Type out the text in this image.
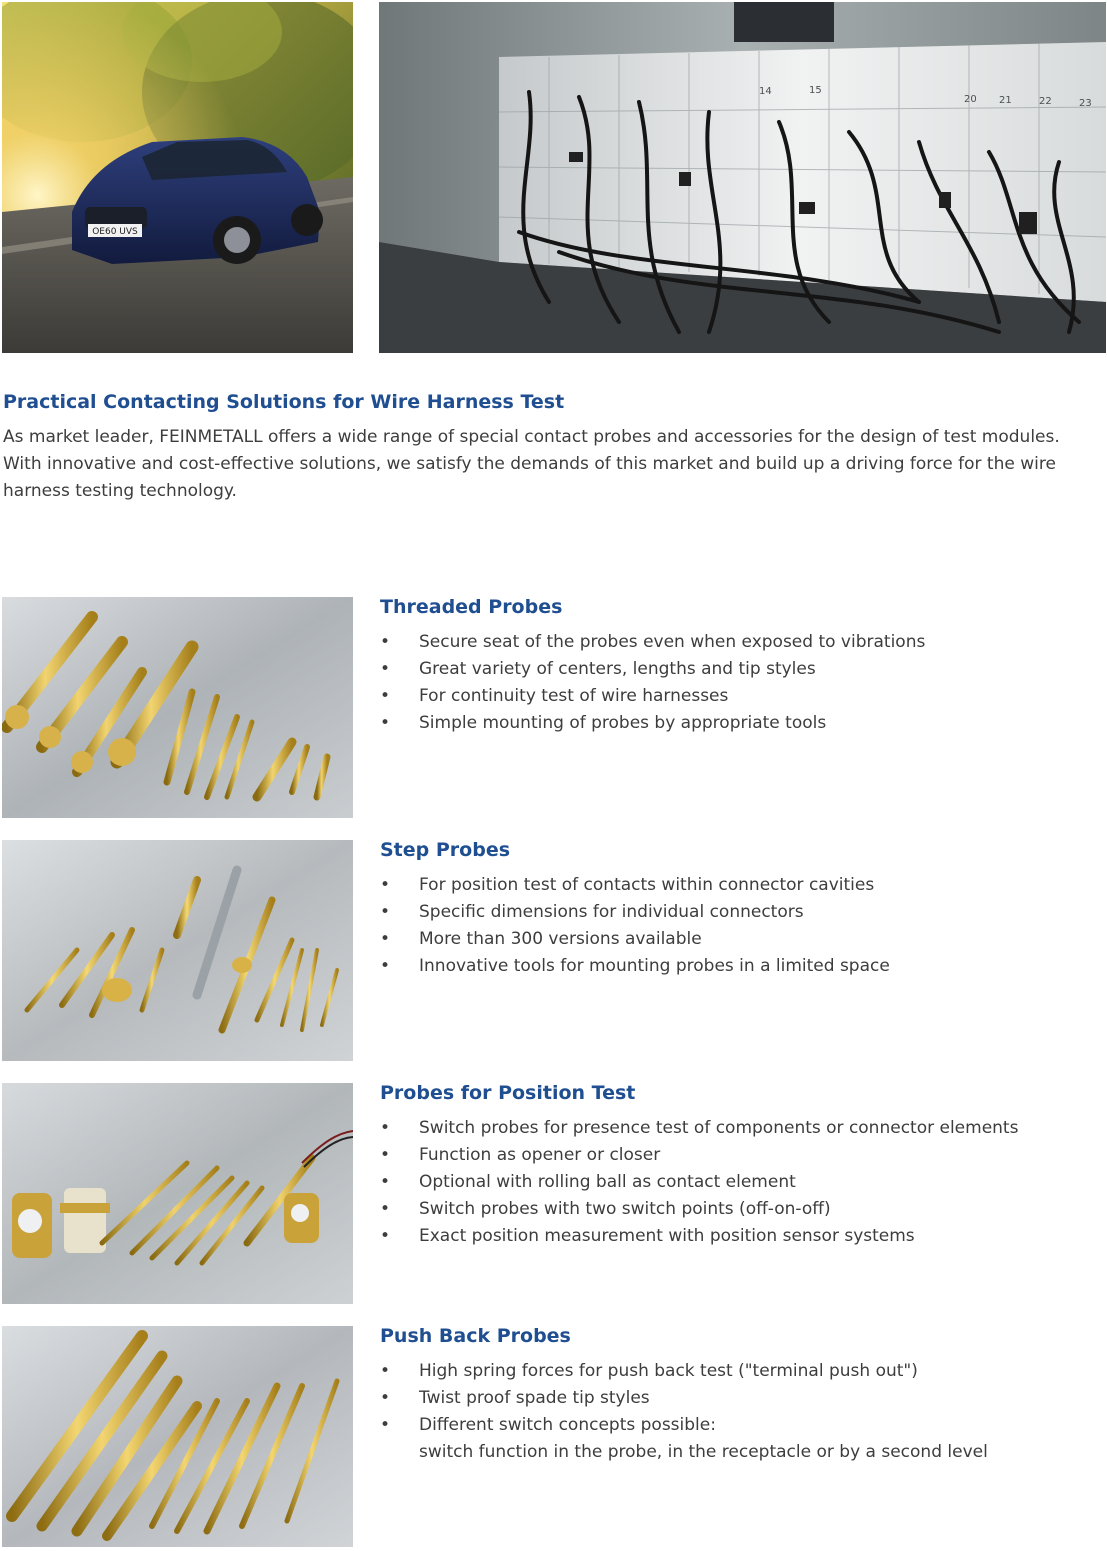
OE60 UVS
14	15
20 21	22	23
Practical Contacting Solutions for Wire Harness Test

As market leader, FEINMETALL offers a wide range of special contact probes and accessories for the design of test modules. With innovative and cost-effective solutions, we satisfy the demands of this market and build up a driving force for the wire harness testing technology.

Threaded Probes
• Secure seat of the probes even when exposed to vibrations
• Great variety of centers, lengths and tip styles
• For continuity test of wire harnesses
• Simple mounting of probes by appropriate tools
Step Probes
• For position test of contacts within connector cavities
• Specific dimensions for individual connectors
• More than 300 versions available
• Innovative tools for mounting probes in a limited space
Probes for Position Test
• Switch probes for presence test of components or connector elements
• Function as opener or closer
• Optional with rolling ball as contact element
• Switch probes with two switch points (off-on-off)
• Exact position measurement with position sensor systems
Push Back Probes
• High spring forces for push back test ("terminal push out")
• Twist proof spade tip styles
• Different switch concepts possible:
switch function in the probe, in the receptacle or by a second level
